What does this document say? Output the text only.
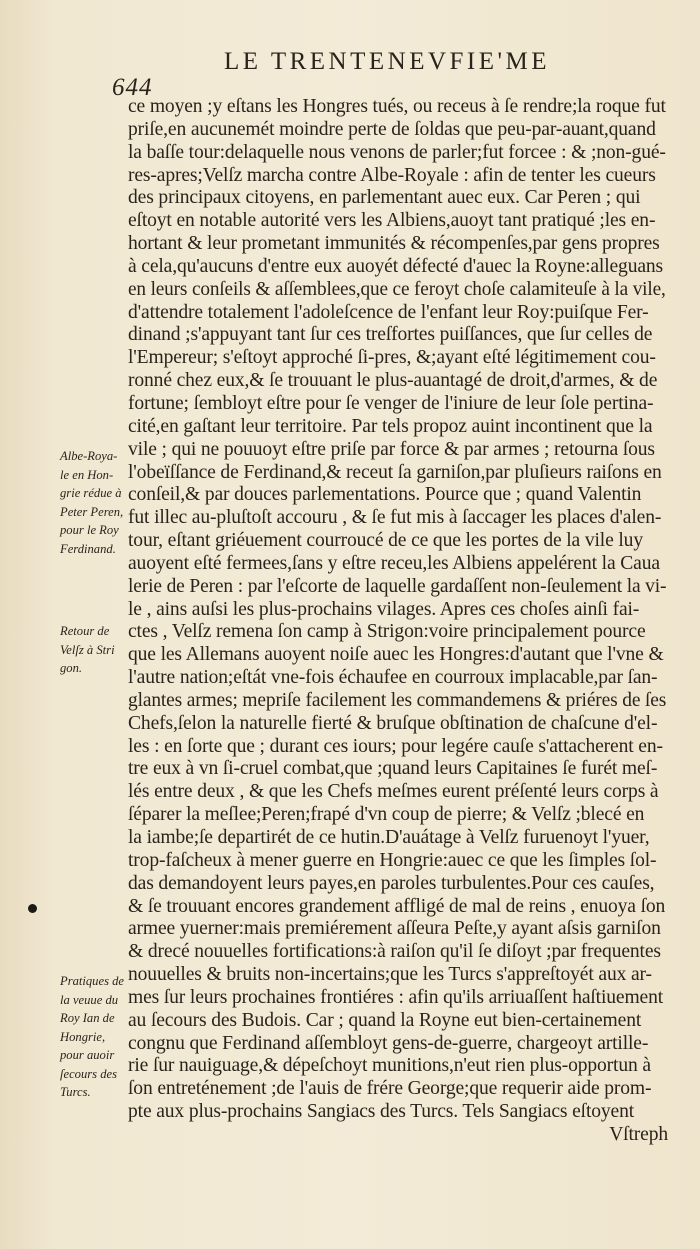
644
LE TRENTENEVFIE'ME
ce moyen ;y eſtans les Hongres tués, ou receus à ſe rendre;la roque fut
priſe,en aucunemét moindre perte de ſoldas que peu-par-auant,quand
la baſſe tour:delaquelle nous venons de parler;fut forcee : & ;non-gué-
res-apres;Velſz marcha contre Albe-Royale : afin de tenter les cueurs
des principaux citoyens, en parlementant auec eux. Car Peren ; qui
eſtoyt en notable autorité vers les Albiens,auoyt tant pratiqué ;les en-
hortant & leur prometant immunités & récompenſes,par gens propres
à cela,qu'aucuns d'entre eux auoyét défecté d'auec la Royne:alleguans
en leurs conſeils & aſſemblees,que ce feroyt choſe calamiteuſe à la vile,
d'attendre totalement l'adoleſcence de l'enfant leur Roy:puiſque Fer-
dinand ;s'appuyant tant ſur ces treſfortes puiſſances, que ſur celles de
l'Empereur; s'eſtoyt approché ſi-pres, &;ayant eſté légitimement cou-
ronné chez eux,& ſe trouuant le plus-auantagé de droit,d'armes, & de
fortune; ſembloyt eſtre pour ſe venger de l'iniure de leur ſole pertina-
cité,en gaſtant leur territoire. Par tels propoz auint incontinent que la
vile ; qui ne pouuoyt eſtre priſe par force & par armes ; retourna ſous
l'obeïſſance de Ferdinand,& receut ſa garniſon,par pluſieurs raiſons en
conſeil,& par douces parlementations. Pource que ; quand Valentin
fut illec au-pluſtoſt accouru , & ſe fut mis à ſaccager les places d'alen-
tour, eſtant griéuement courroucé de ce que les portes de la vile luy
auoyent eſté fermees,ſans y eſtre receu,les Albiens appelérent la Caua
lerie de Peren : par l'eſcorte de laquelle gardaſſent non-ſeulement la vi-
le , ains auſsi les plus-prochains vilages. Apres ces choſes ainſi fai-
ctes , Velſz remena ſon camp à Strigon:voire principalement pource
que les Allemans auoyent noiſe auec les Hongres:d'autant que l'vne &
l'autre nation;eſtát vne-fois échaufee en courroux implacable,par ſan-
glantes armes; mepriſe facilement les commandemens & priéres de ſes
Chefs,ſelon la naturelle fierté & bruſque obſtination de chaſcune d'el-
les : en ſorte que ; durant ces iours; pour legére cauſe s'attacherent en-
tre eux à vn ſi-cruel combat,que ;quand leurs Capitaines ſe furét meſ-
lés entre deux , & que les Chefs meſmes eurent préſenté leurs corps à
ſéparer la meſlee;Peren;frapé d'vn coup de pierre; & Velſz ;blecé en
la iambe;ſe departirét de ce hutin.D'auátage à Velſz furuenoyt l'yuer,
trop-faſcheux à mener guerre en Hongrie:auec ce que les ſimples ſol-
das demandoyent leurs payes,en paroles turbulentes.Pour ces cauſes,
& ſe trouuant encores grandement affligé de mal de reins , enuoya ſon
armee yuerner:mais premiérement aſſeura Peſte,y ayant aſsis garniſon
& drecé nouuelles fortifications:à raiſon qu'il ſe diſoyt ;par frequentes
nouuelles & bruits non-incertains;que les Turcs s'appreſtoyét aux ar-
mes ſur leurs prochaines frontiéres : afin qu'ils arriuaſſent haſtiuement
au ſecours des Budois. Car ; quand la Royne eut bien-certainement
congnu que Ferdinand aſſembloyt gens-de-guerre, chargeoyt artille-
rie ſur nauiguage,& dépeſchoyt munitions,n'eut rien plus-opportun à
ſon entreténement ;de l'auis de frére George;que requerir aide prom-
pte aux plus-prochains Sangiacs des Turcs. Tels Sangiacs eſtoyent
Vſtreph
Albe-Roya-
le en Hon-
grie rédue à
Peter Peren,
pour le Roy
Ferdinand.
Retour de
Velſz à Stri
gon.
Pratiques de
la veuue du
Roy Ian de
Hongrie,
pour auoir
ſecours des
Turcs.
